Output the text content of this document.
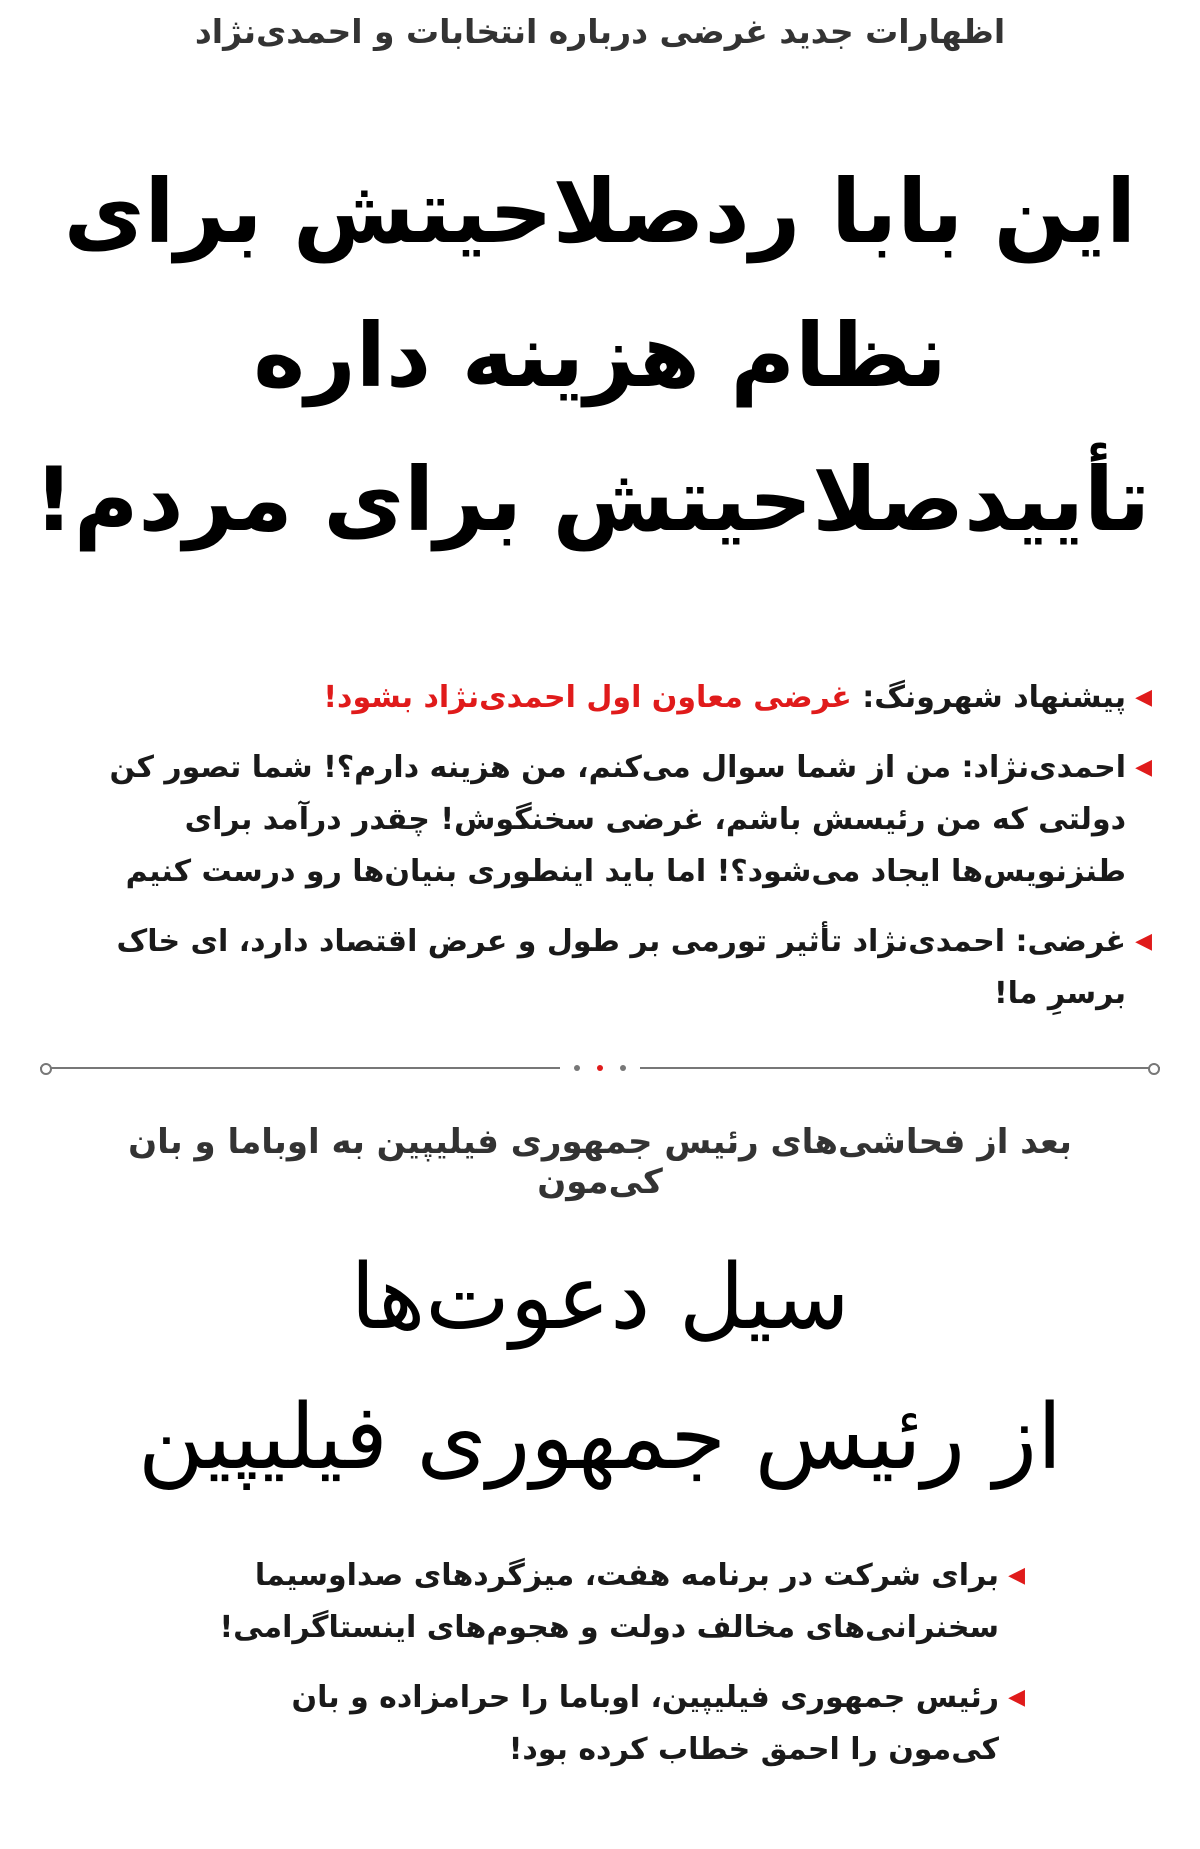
اظهارات جدید غرضی درباره انتخابات و احمدی‌نژاد
این بابا ردصلاحیتش برای
نظام هزینه داره
تأییدصلاحیتش برای مردم!
◀
پیشنهاد شهرونگ: غرضی معاون اول احمدی‌نژاد بشود!
◀
احمدی‌نژاد: من از شما سوال می‌کنم، من هزینه دارم؟! شما تصور کن دولتی که من رئیسش باشم، غرضی سخنگوش! چقدر درآمد برای طنزنویس‌ها ایجاد می‌شود؟! اما باید اینطوری بنیان‌ها رو درست کنیم
◀
غرضی: احمدی‌نژاد تأثیر تورمی بر طول و عرض اقتصاد دارد، ای خاک برسرِ ما!
بعد از فحاشی‌های رئیس جمهوری فیلیپین به اوباما و بان کی‌مون
سیل دعوت‌ها
از رئیس جمهوری فیلیپین
◀
برای شرکت در برنامه هفت، میزگردهای صداوسیما سخنرانی‌های مخالف دولت و هجوم‌های اینستاگرامی!
◀
رئیس جمهوری فیلیپین، اوباما را حرامزاده و بان کی‌مون را احمق خطاب کرده بود!
